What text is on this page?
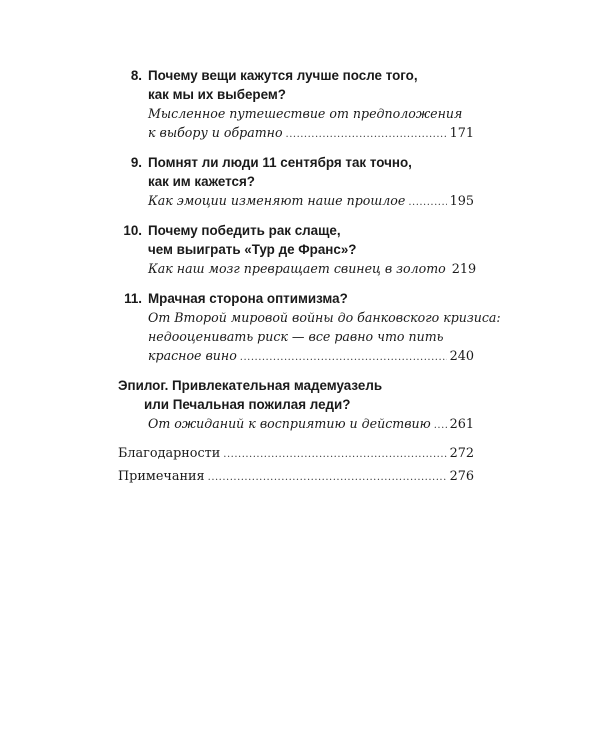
8. Почему вещи кажутся лучше после того,
как мы их выберем?
Мысленное путешествие от предположения
к выбору и обратно .....	171
9. Помнят ли люди 11 сентября так точно,
как им кажется?
Как эмоции изменяют наше прошлое .....	195
10. Почему победить рак слаще,
чем выиграть «Тур де Франс»?
Как наш мозг превращает свинец в золото 219
11. Мрачная сторона оптимизма?
От Второй мировой войны до банковского кризиса:
недооценивать риск — все равно что пить
красное вино .....	240
Эпилог. Привлекательная мадемуазель
или Печальная пожилая леди?
От ожиданий к восприятию и действию ..... 261
Благодарности .....	272
Примечания .....	276
